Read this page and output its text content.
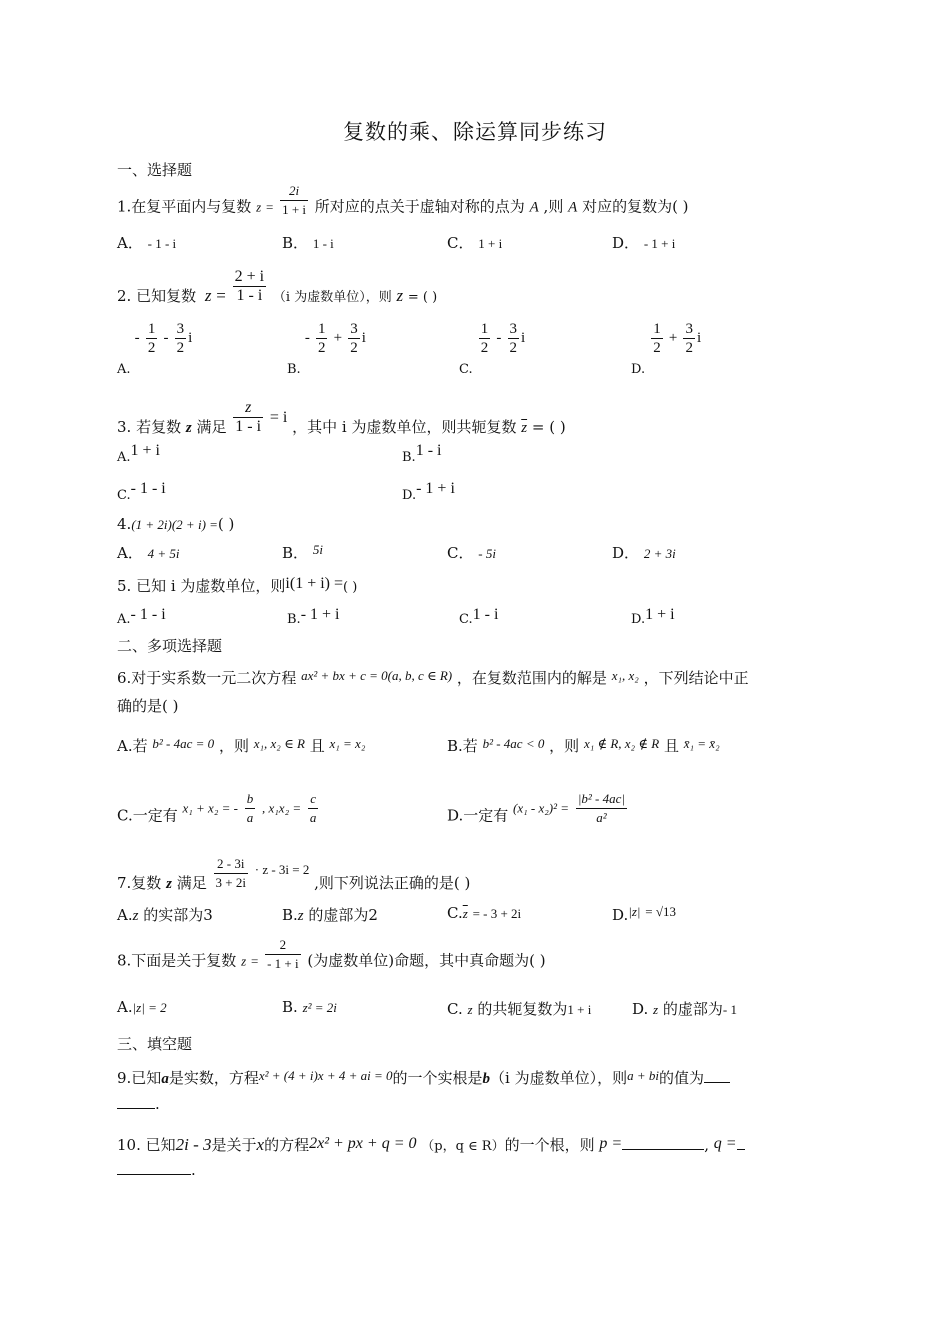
复数的乘、除运算同步练习
一、选择题
1.在复平面内与复数 $z = \frac{2i}{1 + i}$ 所对应的点关于虚轴对称的点为 A ,则 A 对应的复数为( )
A． - 1 - i	B． 1 - i	C． 1 + i	D． - 1 + i
2. 已知复数 $z = \frac{2 + i}{1 - i} (i$ 为虚数单位），则 z = ( )
A. - $\frac{1}{2} - \frac{3}{2}$ i
B. - $\frac{1}{2} + \frac{3}{2}$ i
C.
$\frac{1}{2} - \frac{3}{2}$ i
D.
$\frac{1}{2} + \frac{3}{2}$ i
3. 若复数 z 满足 $\frac{z}{1 - i} = i$ ，其中 i 为虚数单位，则共轭复数 $\overline{z}$ = ( )
A.1 + i	B.1 - i
C.- 1 - i	D.- 1 + i
4.(1 + 2i)(2 + i) =( )
A． 4 + 5i	B． 5i	C． - 5i	D． 2 + 3i
5. 已知 i 为虚数单位，则i(1 + i) =( )
A.- 1 - i	B.- 1 + i	C.1 - i	D.1 + i
二、多项选择题
6.对于实系数一元二次方程 ax² + bx + c = 0(a, b, c ∈ R) ，在复数范围内的解是 x₁, x₂ ，下列结论中正
确的是( )
A.若 b² - 4ac = 0 ，则 x₁, x₂ ∈ R 且 x₁ = x₂	B.若 b² - 4ac < 0 ，则 x₁ ∉ R, x₂ ∉ R 且 x̄₁ = x̄₂
C.一定有 x₁ + x₂ = - $\frac{b}{a}$ , $x_1x_2 = \frac{c}{a}$	D.一定有 $(x_1 - x_2)^2 = \frac{\text{|b² - 4ac|}}{\text{a²}}$
7.复数 z 满足 $\frac{2 - 3i}{3 + 2i} \cdot z - 3i = 2$ ,则下列说法正确的是( )
A.z 的实部为3	B.z 的虚部为2	$C.\overline{z}$ = - 3 + 2i	D.|z| = √13
8.下面是关于复数 $z = \frac{2}{- 1 + i}$ (为虚数单位)命题，其中真命题为( )
A.|z| = 2	B. z² = 2i	C. z 的共轭复数为1 + i	D. z 的虚部为- 1
三、填空题
9.已知a是实数，方程x² + (4 + i)x + 4 + ai = 0的一个实根是b（i 为虚数单位），则a + bi的值为
.
10. 已知2i - 3是关于x的方程2x² + px + q = 0 （p，q ∈ R）的一个根，则 p =	, q =
.
